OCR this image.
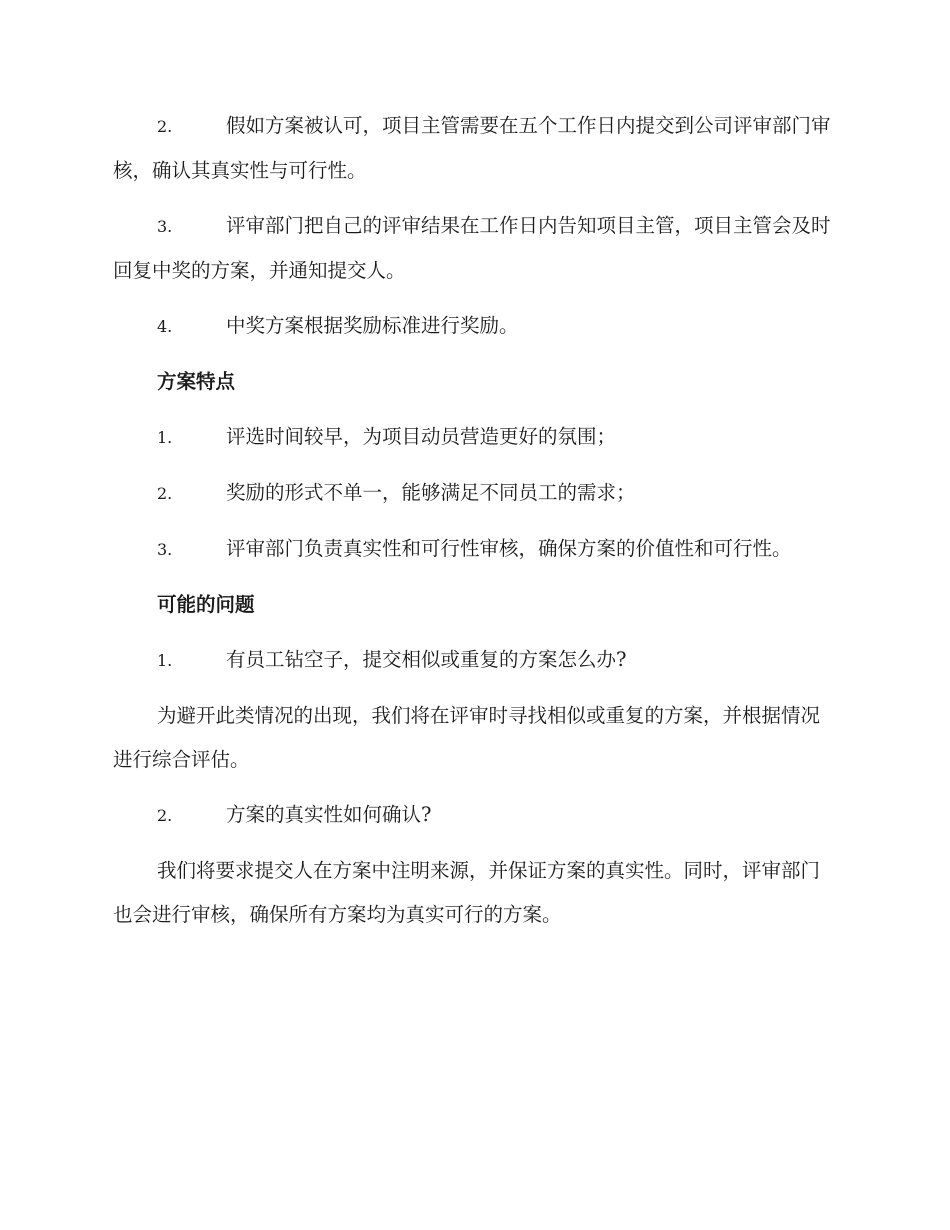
2.	假如方案被认可，项目主管需要在五个工作日内提交到公司评审部门审核，确认其真实性与可行性。

3.	评审部门把自己的评审结果在工作日内告知项目主管，项目主管会及时回复中奖的方案，并通知提交人。

4.	中奖方案根据奖励标准进行奖励。

方案特点

1.	评选时间较早，为项目动员营造更好的氛围；

2.	奖励的形式不单一，能够满足不同员工的需求；

3.	评审部门负责真实性和可行性审核，确保方案的价值性和可行性。

可能的问题

1.	有员工钻空子，提交相似或重复的方案怎么办?

为避开此类情况的出现，我们将在评审时寻找相似或重复的方案，并根据情况进行综合评估。

2.	方案的真实性如何确认?

我们将要求提交人在方案中注明来源，并保证方案的真实性。同时，评审部门也会进行审核，确保所有方案均为真实可行的方案。
